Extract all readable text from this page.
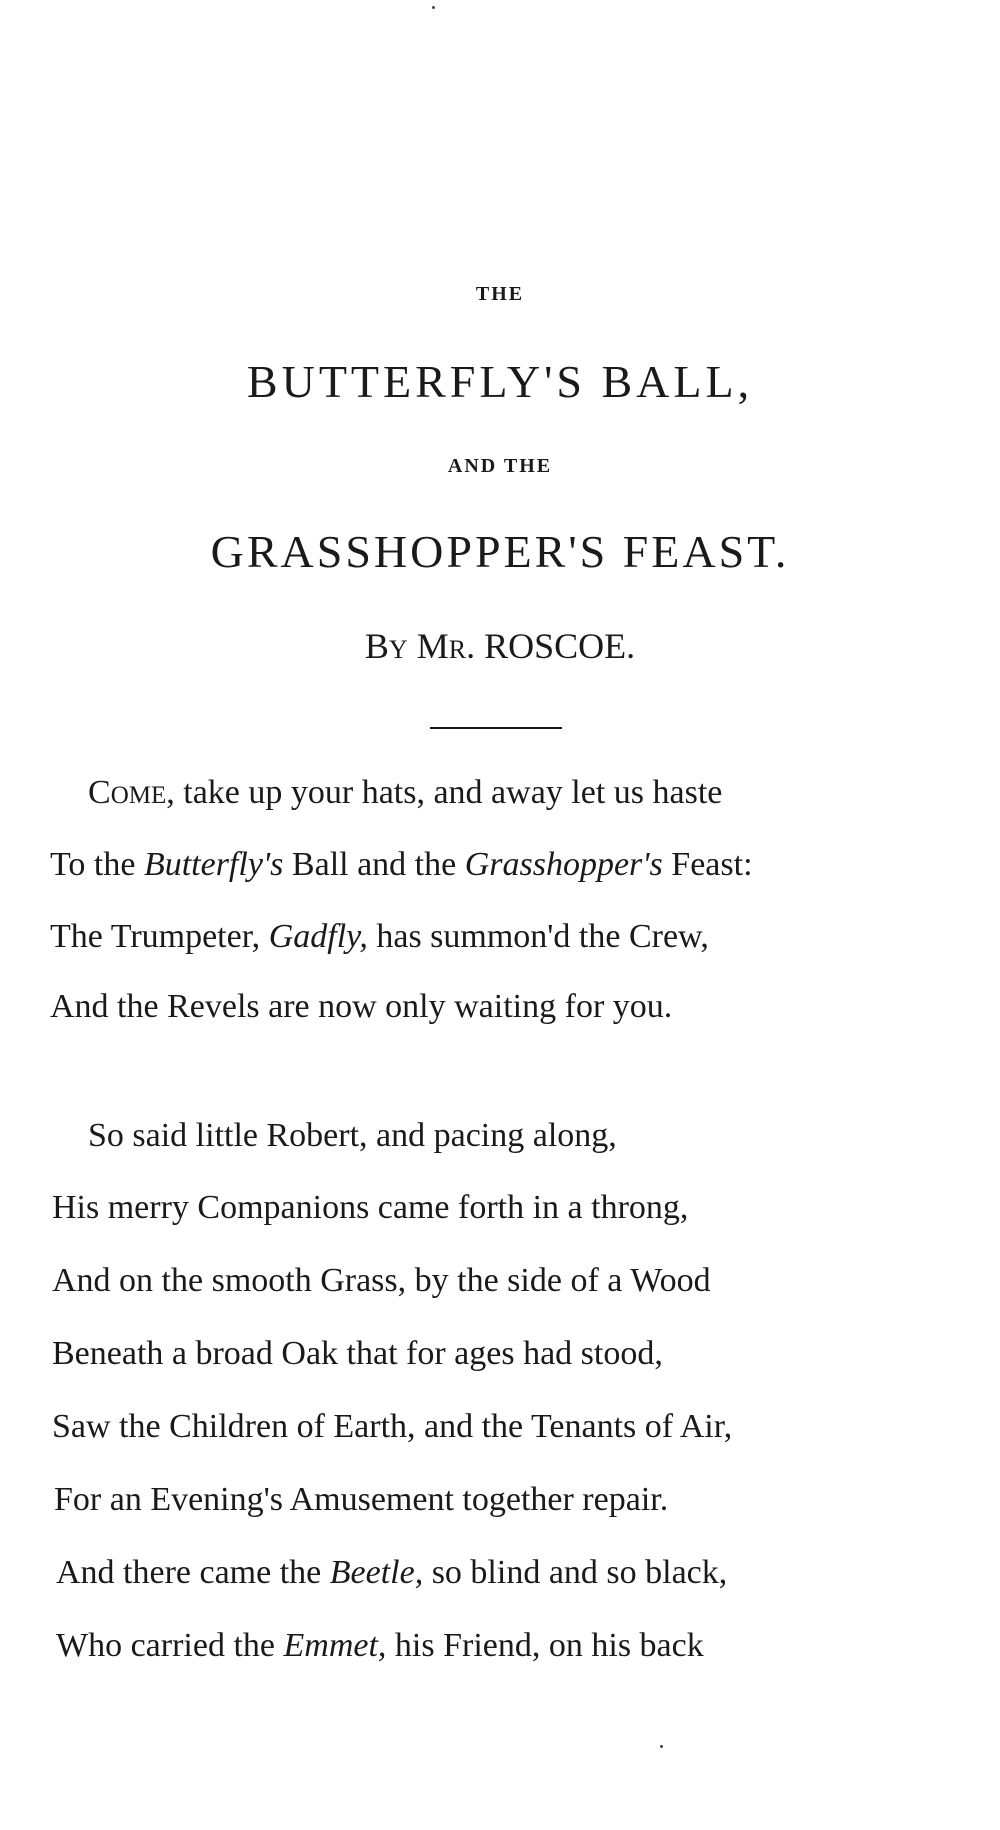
THE
BUTTERFLY'S BALL,
AND THE
GRASSHOPPER'S FEAST.
BY MR. ROSCOE.
COME, take up your hats, and away let us haste
To the Butterfly's Ball and the Grasshopper's Feast:
The Trumpeter, Gadfly, has summon'd the Crew,
And the Revels are now only waiting for you.
So said little Robert, and pacing along,
His merry Companions came forth in a throng,
And on the smooth Grass, by the side of a Wood
Beneath a broad Oak that for ages had stood,
Saw the Children of Earth, and the Tenants of Air,
For an Evening's Amusement together repair.
And there came the Beetle, so blind and so black,
Who carried the Emmet, his Friend, on his back
